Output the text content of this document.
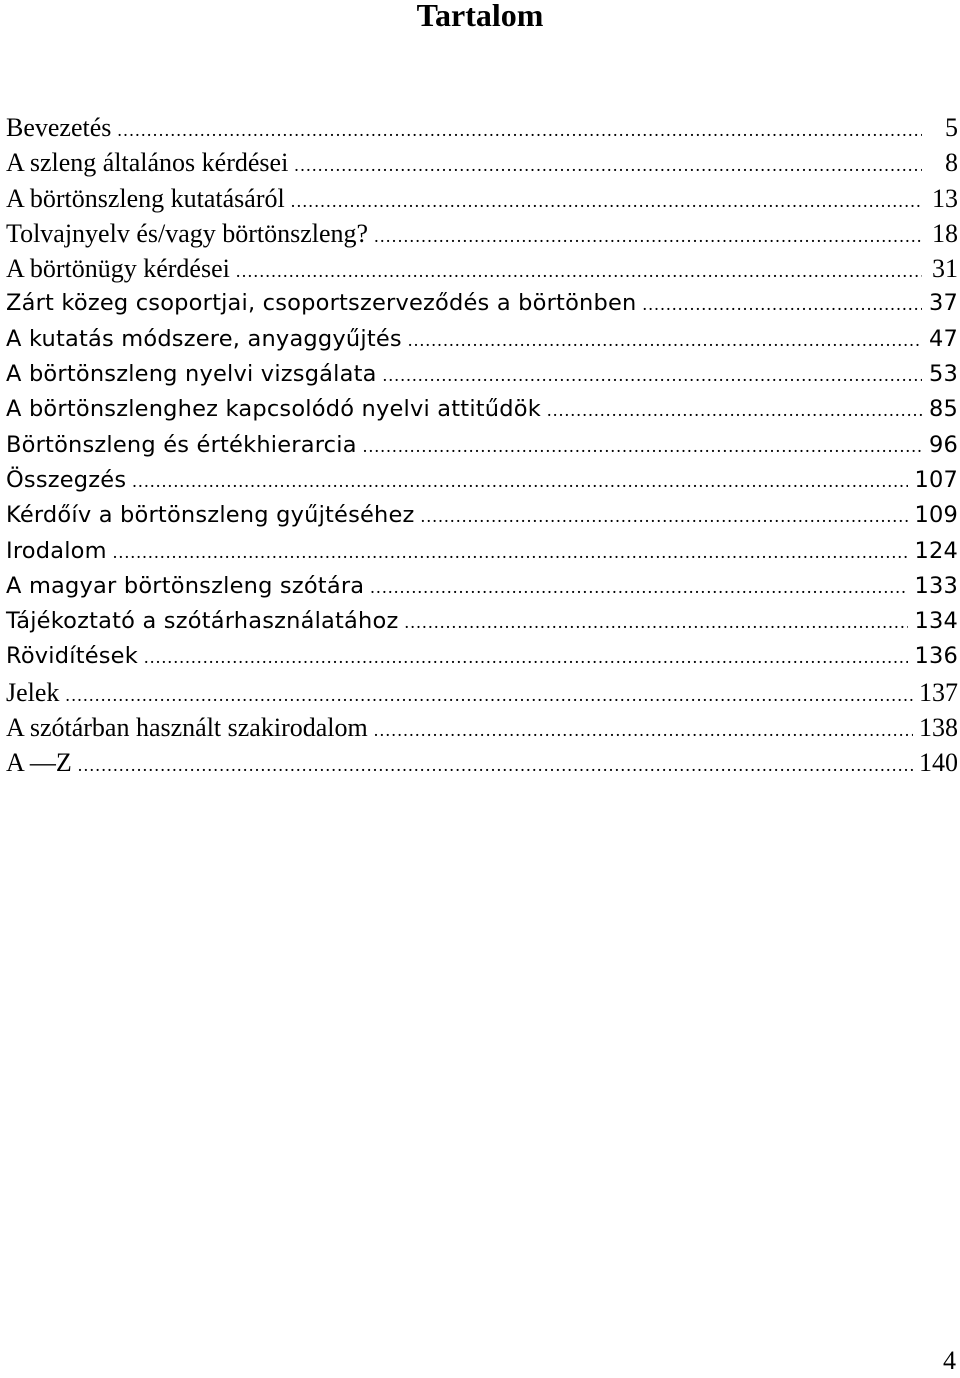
Tartalom
Bevezetés .....	5
A szleng általános kérdései .....	8
A börtönszleng kutatásáról .....	13
Tolvajnyelv és/vagy börtönszleng? .....	18
A börtönügy kérdései .....	31
Zárt közeg csoportjai, csoportszerveződés a börtönben .....	37
A kutatás módszere, anyaggyűjtés .....	47
A börtönszleng nyelvi vizsgálata .....	53
A börtönszlenghez kapcsolódó nyelvi attitűdök .....	85
Börtönszleng és értékhierarcia .....	96
Összegzés .....	107
Kérdőív a börtönszleng gyűjtéséhez .....	109
Irodalom .....	124
A magyar börtönszleng szótára .....	133
Tájékoztató a szótárhasználatához .....	134
Rövidítések .....	136
Jelek .....	137
A szótárban használt szakirodalom .....	138
A —Z .....	140
4
